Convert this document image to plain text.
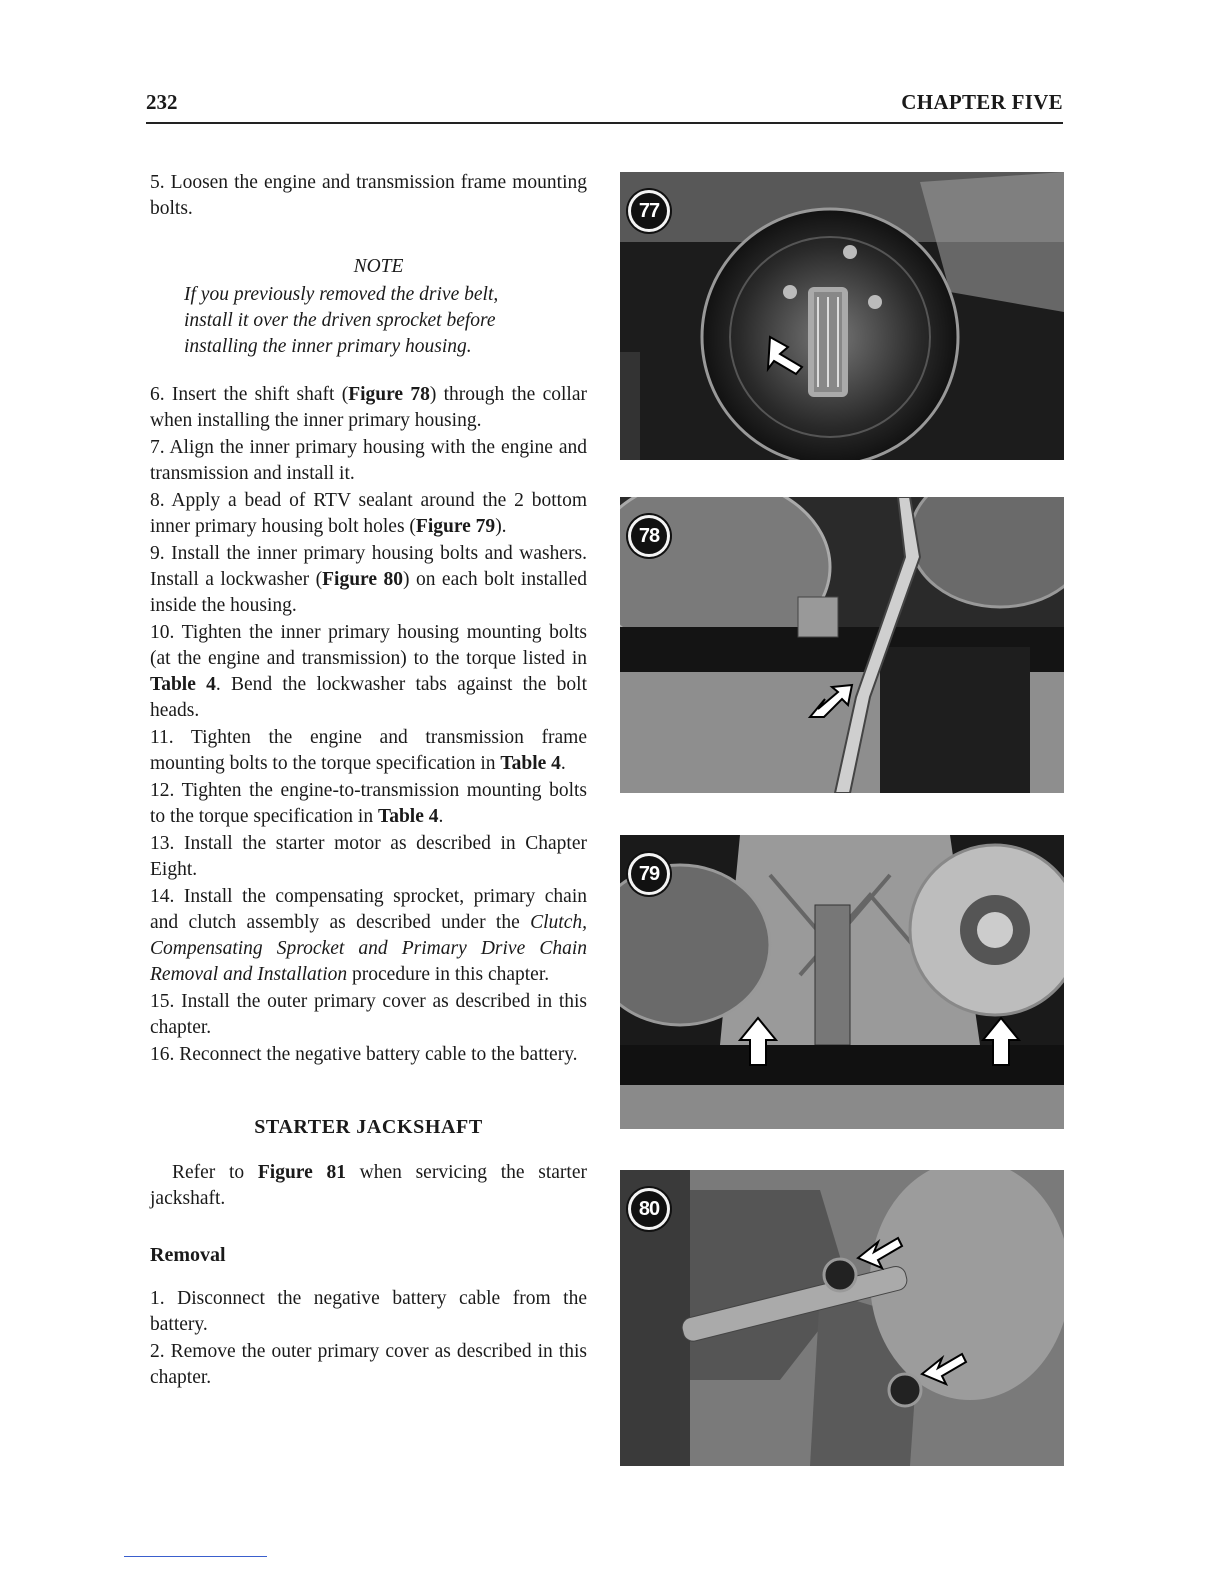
232	CHAPTER FIVE

5. Loosen the engine and transmission frame mounting bolts.

NOTE

If you previously removed the drive belt, install it over the driven sprocket before installing the inner primary housing.

6. Insert the shift shaft (Figure 78) through the collar when installing the inner primary housing.

7. Align the inner primary housing with the engine and transmission and install it.

8. Apply a bead of RTV sealant around the 2 bottom inner primary housing bolt holes (Figure 79).

9. Install the inner primary housing bolts and washers. Install a lockwasher (Figure 80) on each bolt installed inside the housing.

10. Tighten the inner primary housing mounting bolts (at the engine and transmission) to the torque listed in Table 4. Bend the lockwasher tabs against the bolt heads.

11. Tighten the engine and transmission frame mounting bolts to the torque specification in Table 4.

12. Tighten the engine-to-transmission mounting bolts to the torque specification in Table 4.

13. Install the starter motor as described in Chapter Eight.

14. Install the compensating sprocket, primary chain and clutch assembly as described under the Clutch, Compensating Sprocket and Primary Drive Chain Removal and Installation procedure in this chapter.

15. Install the outer primary cover as described in this chapter.

16. Reconnect the negative battery cable to the battery.

STARTER JACKSHAFT

Refer to Figure 81 when servicing the starter jackshaft.

Removal

1. Disconnect the negative battery cable from the battery.

2. Remove the outer primary cover as described in this chapter.

77
78
79
80
